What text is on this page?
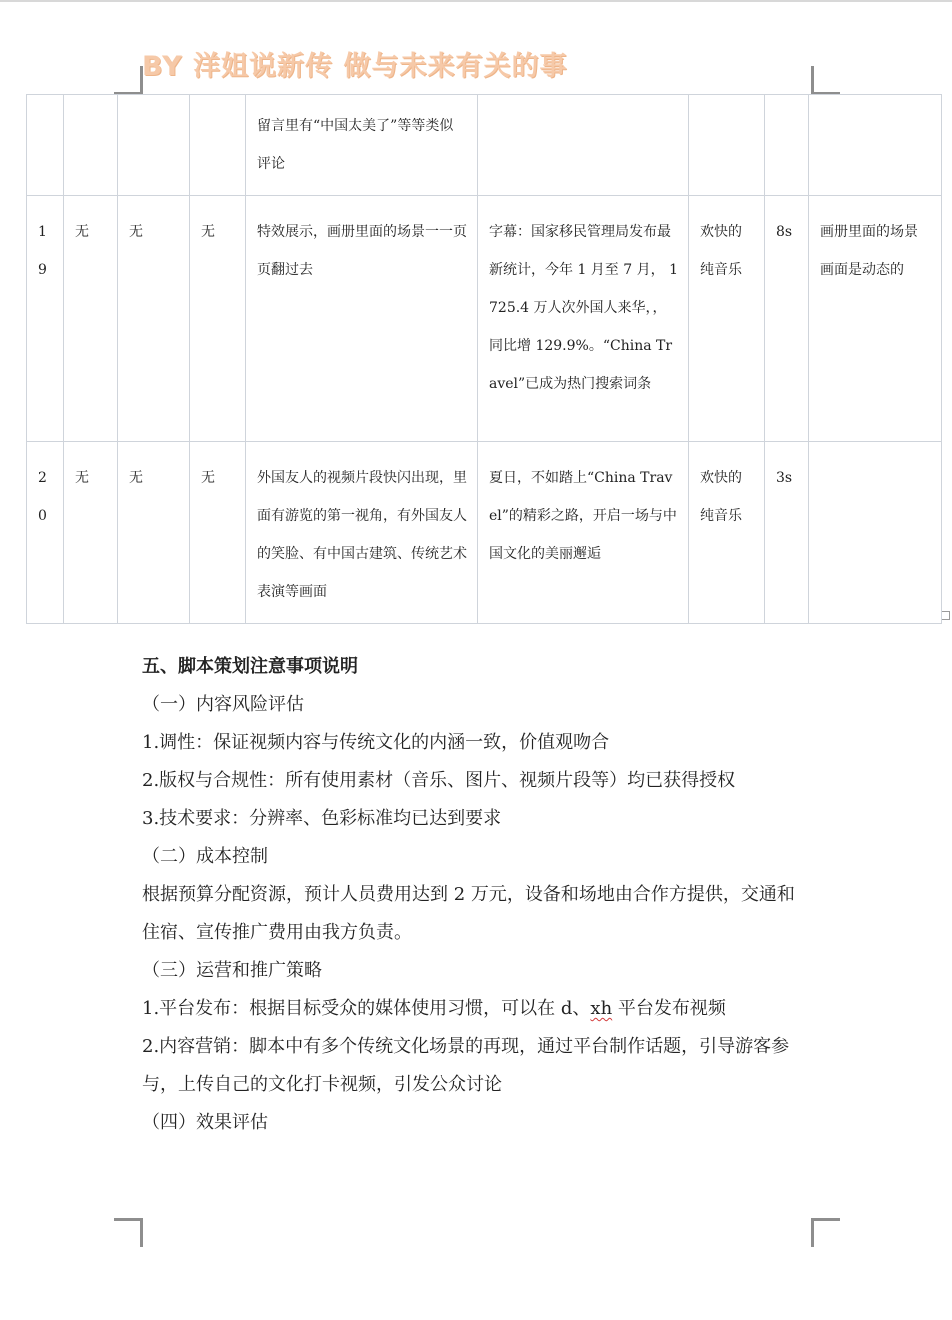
BY 洋姐说新传 做与未来有关的事
				留言里有“中国太美了”等等类似评论				
19	无	无	无	特效展示，画册里面的场景一一页页翻过去	字幕：国家移民管理局发布最新统计，今年 1 月至 7 月， 1725.4 万人次外国人来华，，同比增 129.9%。“China Travel”已成为热门搜索词条	欢快的纯音乐	8s	画册里面的场景画面是动态的
20	无	无	无	外国友人的视频片段快闪出现，里面有游览的第一视角，有外国友人的笑脸、有中国古建筑、传统艺术表演等画面	夏日，不如踏上“China Travel”的精彩之路，开启一场与中国文化的美丽邂逅	欢快的纯音乐	3s	

五、脚本策划注意事项说明

（一）内容风险评估

1.调性：保证视频内容与传统文化的内涵一致，价值观吻合

2.版权与合规性：所有使用素材（音乐、图片、视频片段等）均已获得授权

3.技术要求：分辨率、色彩标准均已达到要求

（二）成本控制

根据预算分配资源，预计人员费用达到 2 万元，设备和场地由合作方提供，交通和住宿、宣传推广费用由我方负责。

（三）运营和推广策略

1.平台发布：根据目标受众的媒体使用习惯，可以在 d、xh 平台发布视频

2.内容营销：脚本中有多个传统文化场景的再现，通过平台制作话题，引导游客参与，上传自己的文化打卡视频，引发公众讨论

（四）效果评估
